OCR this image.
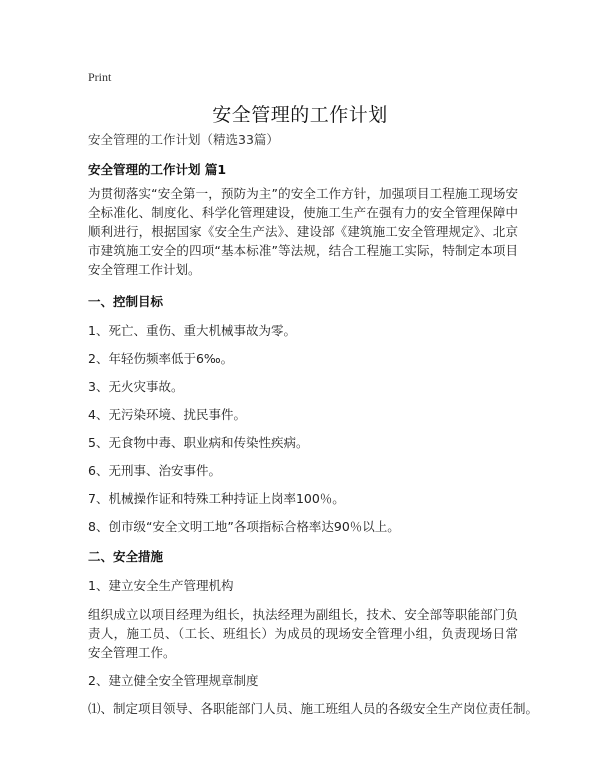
Print
安全管理的工作计划

安全管理的工作计划（精选33篇）

安全管理的工作计划 篇1

为贯彻落实“安全第一，预防为主”的安全工作方针，加强项目工程施工现场安全标准化、制度化、科学化管理建设，使施工生产在强有力的安全管理保障中顺利进行，根据国家《安全生产法》、建设部《建筑施工安全管理规定》、北京市建筑施工安全的四项“基本标准”等法规，结合工程施工实际，特制定本项目安全管理工作计划。

一、控制目标

1、死亡、重伤、重大机械事故为零。

2、年轻伤频率低于6‰。

3、无火灾事故。

4、无污染环境、扰民事件。

5、无食物中毒、职业病和传染性疾病。

6、无刑事、治安事件。

7、机械操作证和特殊工种持证上岗率100％。

8、创市级“安全文明工地”各项指标合格率达90％以上。

二、安全措施

1、建立安全生产管理机构

组织成立以项目经理为组长，执法经理为副组长，技术、安全部等职能部门负责人，施工员、（工长、班组长）为成员的现场安全管理小组，负责现场日常安全管理工作。

2、建立健全安全管理规章制度

⑴、制定项目领导、各职能部门人员、施工班组人员的各级安全生产岗位责任制。
